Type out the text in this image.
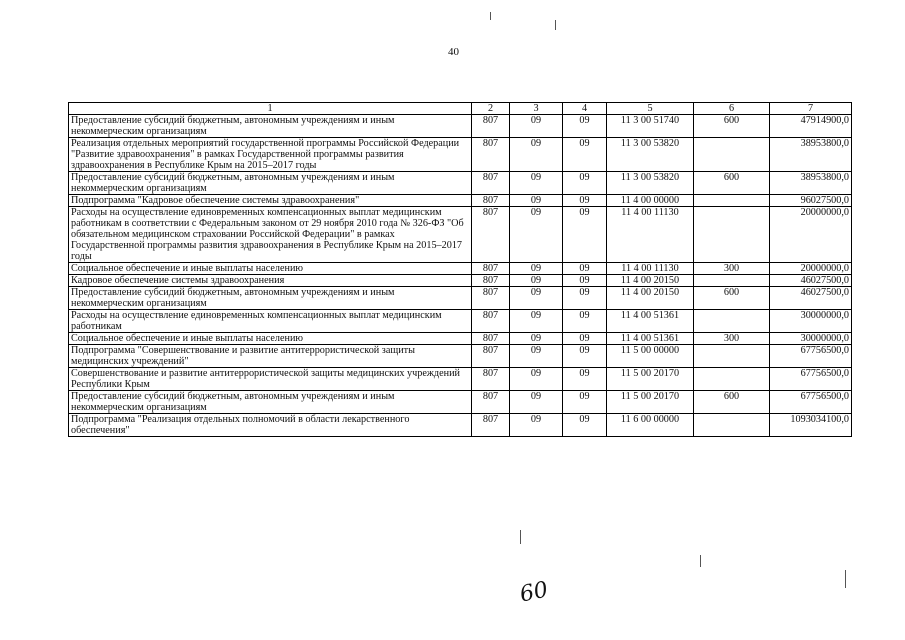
40
1	2	3	4	5	6	7
Предоставление субсидий бюджетным, автономным учреждениям и иным некоммерческим организациям	807	09	09	11 3 00 51740	600	47914900,0
Реализация отдельных мероприятий государственной программы Российской Федерации "Развитие здравоохранения" в рамках Государственной программы развития здравоохранения в Республике Крым на 2015–2017 годы	807	09	09	11 3 00 53820		38953800,0
Предоставление субсидий бюджетным, автономным учреждениям и иным некоммерческим организациям	807	09	09	11 3 00 53820	600	38953800,0
Подпрограмма "Кадровое обеспечение системы здравоохранения"	807	09	09	11 4 00 00000		96027500,0
Расходы на осуществление единовременных компенсационных выплат медицинским работникам в соответствии с Федеральным законом от 29 ноября 2010 года № 326-ФЗ "Об обязательном медицинском страховании Российской Федерации" в рамках Государственной программы развития здравоохранения в Республике Крым на 2015–2017 годы	807	09	09	11 4 00 11130		20000000,0
Социальное обеспечение и иные выплаты населению	807	09	09	11 4 00 11130	300	20000000,0
Кадровое обеспечение системы здравоохранения	807	09	09	11 4 00 20150		46027500,0
Предоставление субсидий бюджетным, автономным учреждениям и иным некоммерческим организациям	807	09	09	11 4 00 20150	600	46027500,0
Расходы на осуществление единовременных компенсационных выплат медицинским работникам	807	09	09	11 4 00 51361		30000000,0
Социальное обеспечение и иные выплаты населению	807	09	09	11 4 00 51361	300	30000000,0
Подпрограмма "Совершенствование и развитие антитеррористической защиты медицинских учреждений"	807	09	09	11 5 00 00000		67756500,0
Совершенствование и развитие антитеррористической защиты медицинских учреждений Республики Крым	807	09	09	11 5 00 20170		67756500,0
Предоставление субсидий бюджетным, автономным учреждениям и иным некоммерческим организациям	807	09	09	11 5 00 20170	600	67756500,0
Подпрограмма "Реализация отдельных полномочий в области лекарственного обеспечения"	807	09	09	11 6 00 00000		1093034100,0
60
